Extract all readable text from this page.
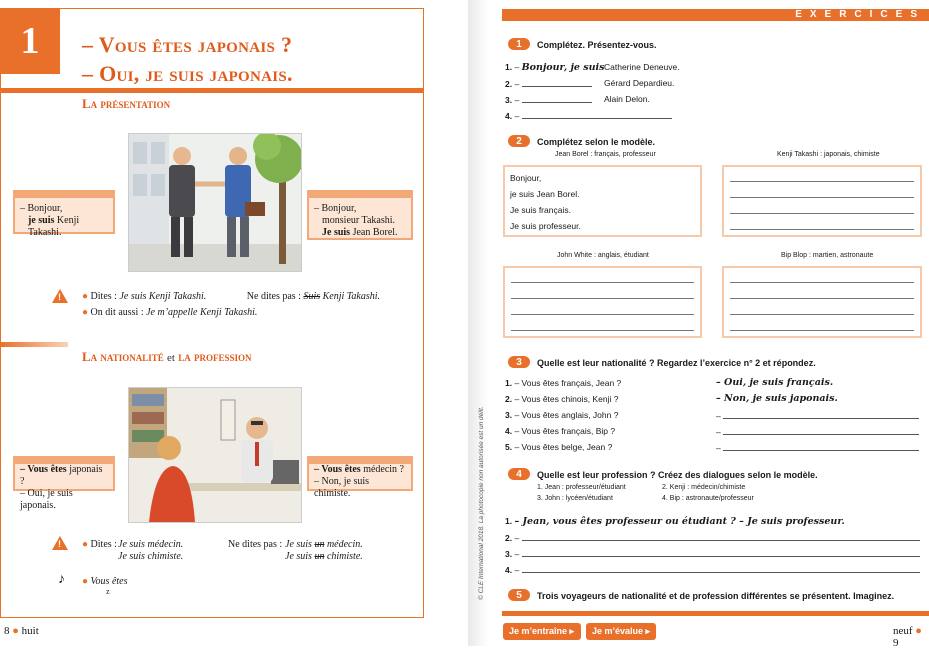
1	– Vous êtes japonais ?
– Oui, je suis japonais.
La présentation
– Bonjour,
je suis Kenji Takashi.
– Bonjour,
monsieur Takashi.
Je suis Jean Borel.
!
● Dites : Je suis Kenji Takashi.	Ne dites pas : Suis Kenji Takashi.
● On dit aussi : Je m’appelle Kenji Takashi.
La nationalité et la profession
– Vous êtes japonais ?
– Oui, je suis japonais.
– Vous êtes médecin ?
– Non, je suis chimiste.
!
● Dites : Je suis médecin.
Je suis chimiste.
Ne dites pas : Je suis un médecin.
Je suis un chimiste.
♪ ● Vous êtes
z
8 ● huit
© CLE International 2018. La photocopie non autorisée est un délit.
EXERCICES
1	Complétez. Présentez-vous.
1. – Bonjour, je suis Catherine Deneuve.
2. –	Gérard Depardieu.
3. –	Alain Delon.
4. –
2	Complétez selon le modèle.
Jean Borel : français, professeur	Kenji Takashi : japonais, chimiste
Bonjour,
je suis Jean Borel.
Je suis français.
Je suis professeur.
John White : anglais, étudiant	Bip Blop : martien, astronaute
3	Quelle est leur nationalité ? Regardez l’exercice n° 2 et répondez.
1. – Vous êtes français, Jean ?	– Oui, je suis français.
2. – Vous êtes chinois, Kenji ?	– Non, je suis japonais.
3. – Vous êtes anglais, John ?	–
4. – Vous êtes français, Bip ?	–
5. – Vous êtes belge, Jean ?	–
4	Quelle est leur profession ? Créez des dialogues selon le modèle.
1. Jean : professeur/étudiant	2. Kenji : médecin/chimiste
3. John : lycéen/étudiant	4. Bip : astronaute/professeur
1. – Jean, vous êtes professeur ou étudiant ? – Je suis professeur.
2. –
3. –
4. –
5	Trois voyageurs de nationalité et de profession différentes se présentent. Imaginez.
Je m’entraîne ▸	Je m’évalue ▸	neuf ● 9
